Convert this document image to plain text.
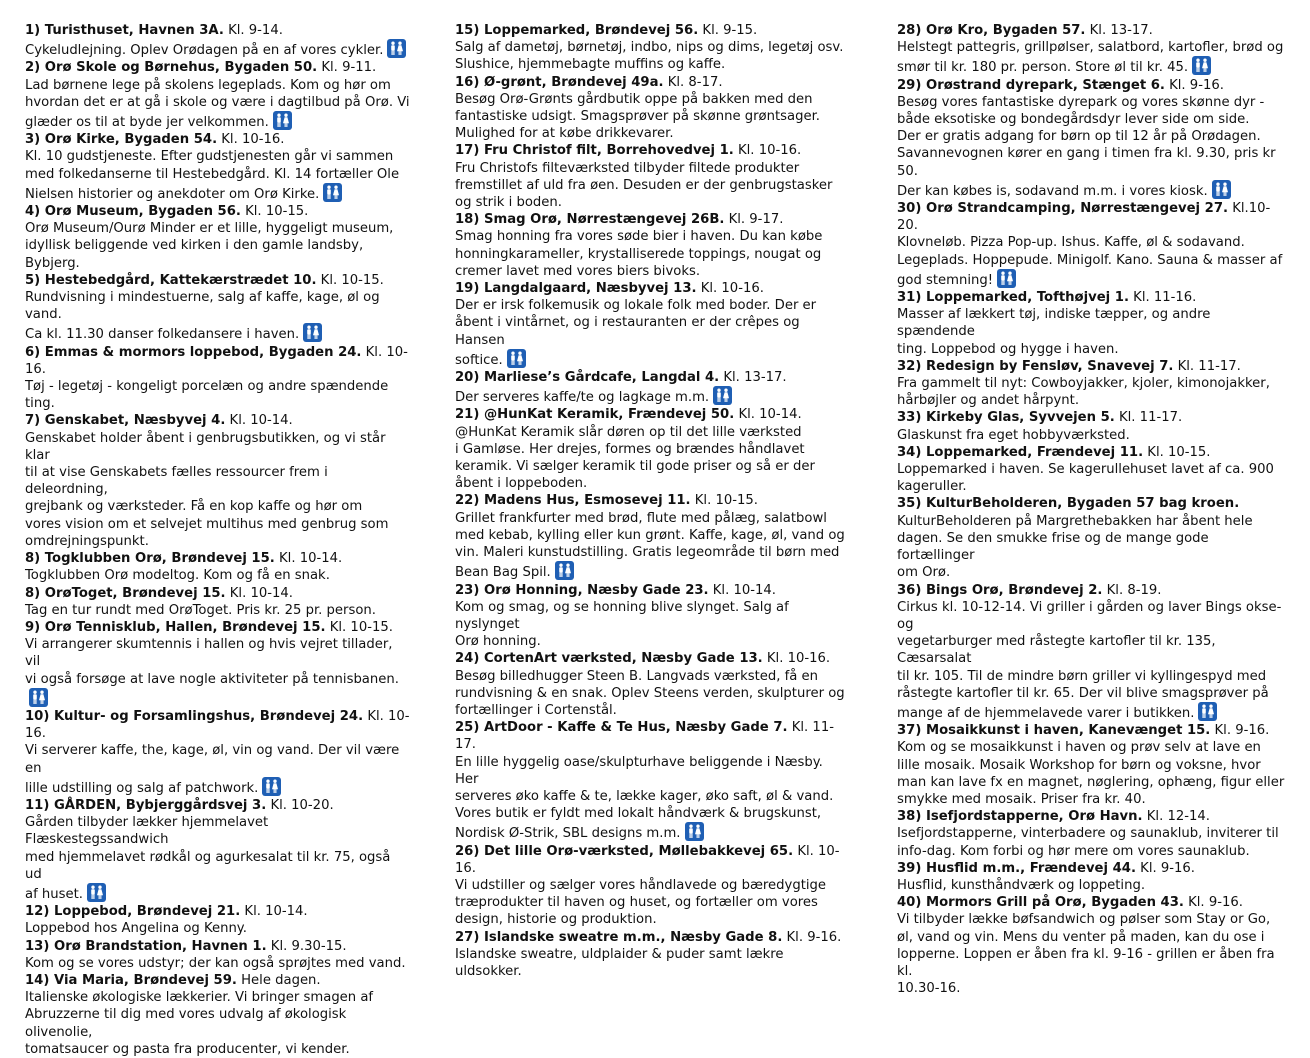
1) Turisthuset, Havnen 3A. Kl. 9-14.

Cykeludlejning. Oplev Orødagen på en af vores cykler.

2) Orø Skole og Børnehus, Bygaden 50. Kl. 9-11.

Lad børnene lege på skolens legeplads. Kom og hør om
hvordan det er at gå i skole og være i dagtilbud på Orø. Vi
glæder os til at byde jer velkommen.

3) Orø Kirke, Bygaden 54. Kl. 10-16.

Kl. 10 gudstjeneste. Efter gudstjenesten går vi sammen
med folkedanserne til Hestebedgård. Kl. 14 fortæller Ole
Nielsen historier og anekdoter om Orø Kirke.

4) Orø Museum, Bygaden 56. Kl. 10-15.

Orø Museum/Ourø Minder er et lille, hyggeligt museum,
idyllisk beliggende ved kirken i den gamle landsby,
Bybjerg.

5) Hestebedgård, Kattekærstrædet 10. Kl. 10-15.

Rundvisning i mindestuerne, salg af kaffe, kage, øl og vand.
Ca kl. 11.30 danser folkedansere i haven.

6) Emmas & mormors loppebod, Bygaden 24. Kl. 10-16.

Tøj - legetøj - kongeligt porcelæn og andre spændende
ting.

7) Genskabet, Næsbyvej 4. Kl. 10-14.

Genskabet holder åbent i genbrugsbutikken, og vi står klar
til at vise Genskabets fælles ressourcer frem i deleordning,
grejbank og værksteder. Få en kop kaffe og hør om
vores vision om et selvejet multihus med genbrug som
omdrejningspunkt.

8) Togklubben Orø, Brøndevej 15. Kl. 10-14.

Togklubben Orø modeltog. Kom og få en snak.

8) OrøToget, Brøndevej 15. Kl. 10-14.

Tag en tur rundt med OrøToget. Pris kr. 25 pr. person.

9) Orø Tennisklub, Hallen, Brøndevej 15. Kl. 10-15.

Vi arrangerer skumtennis i hallen og hvis vejret tillader, vil
vi også forsøge at lave nogle aktiviteter på tennisbanen.

10) Kultur- og Forsamlingshus, Brøndevej 24. Kl. 10-16.

Vi serverer kaffe, the, kage, øl, vin og vand. Der vil være en
lille udstilling og salg af patchwork.

11) GÅRDEN, Bybjerggårdsvej 3. Kl. 10-20.

Gården tilbyder lækker hjemmelavet Flæskestegssandwich
med hjemmelavet rødkål og agurkesalat til kr. 75, også ud
af huset.

12) Loppebod, Brøndevej 21. Kl. 10-14.

Loppebod hos Angelina og Kenny.

13) Orø Brandstation, Havnen 1. Kl. 9.30-15.

Kom og se vores udstyr; der kan også sprøjtes med vand.

14) Via Maria, Brøndevej 59. Hele dagen.

Italienske økologiske lækkerier. Vi bringer smagen af
Abruzzerne til dig med vores udvalg af økologisk olivenolie,
tomatsaucer og pasta fra producenter, vi kender.

15) Loppemarked, Brøndevej 56. Kl. 9-15.

Salg af dametøj, børnetøj, indbo, nips og dims, legetøj osv.
Slushice, hjemmebagte muffins og kaffe.

16) Ø-grønt, Brøndevej 49a. Kl. 8-17.

Besøg Orø-Grønts gårdbutik oppe på bakken med den
fantastiske udsigt. Smagsprøver på skønne grøntsager.
Mulighed for at købe drikkevarer.

17) Fru Christof filt, Borrehovedvej 1. Kl. 10-16.

Fru Christofs filteværksted tilbyder filtede produkter
fremstillet af uld fra øen. Desuden er der genbrugstasker
og strik i boden.

18) Smag Orø, Nørrestængevej 26B. Kl. 9-17.

Smag honning fra vores søde bier i haven. Du kan købe
honningkarameller, krystalliserede toppings, nougat og
cremer lavet med vores biers bivoks.

19) Langdalgaard, Næsbyvej 13. Kl. 10-16.

Der er irsk folkemusik og lokale folk med boder. Der er
åbent i vintårnet, og i restauranten er der crêpes og Hansen
softice.

20) Marliese’s Gårdcafe, Langdal 4. Kl. 13-17.

Der serveres kaffe/te og lagkage m.m.

21) @HunKat Keramik, Frændevej 50. Kl. 10-14.

@HunKat Keramik slår døren op til det lille værksted
i Gamløse. Her drejes, formes og brændes håndlavet
keramik. Vi sælger keramik til gode priser og så er der
åbent i loppeboden.

22) Madens Hus, Esmosevej 11. Kl. 10-15.

Grillet frankfurter med brød, flute med pålæg, salatbowl
med kebab, kylling eller kun grønt. Kaffe, kage, øl, vand og
vin. Maleri kunstudstilling. Gratis legeområde til børn med
Bean Bag Spil.

23) Orø Honning, Næsby Gade 23. Kl. 10-14.

Kom og smag, og se honning blive slynget. Salg af nyslynget
Orø honning.

24) CortenArt værksted, Næsby Gade 13. Kl. 10-16.

Besøg billedhugger Steen B. Langvads værksted, få en
rundvisning & en snak. Oplev Steens verden, skulpturer og
fortællinger i Cortenstål.

25) ArtDoor - Kaffe & Te Hus, Næsby Gade 7. Kl. 11-17.

En lille hyggelig oase/skulpturhave beliggende i Næsby. Her
serveres øko kaffe & te, lække kager, øko saft, øl & vand.
Vores butik er fyldt med lokalt håndværk & brugskunst,
Nordisk Ø-Strik, SBL designs m.m.

26) Det lille Orø-værksted, Møllebakkevej 65. Kl. 10-16.

Vi udstiller og sælger vores håndlavede og bæredygtige
træprodukter til haven og huset, og fortæller om vores
design, historie og produktion.

27) Islandske sweatre m.m., Næsby Gade 8. Kl. 9-16.

Islandske sweatre, uldplaider & puder samt lækre
uldsokker.

28) Orø Kro, Bygaden 57. Kl. 13-17.

Helstegt pattegris, grillpølser, salatbord, kartofler, brød og
smør til kr. 180 pr. person. Store øl til kr. 45.

29) Orøstrand dyrepark, Stænget 6. Kl. 9-16.

Besøg vores fantastiske dyrepark og vores skønne dyr -
både eksotiske og bondegårdsdyr lever side om side.
Der er gratis adgang for børn op til 12 år på Orødagen.
Savannevognen kører en gang i timen fra kl. 9.30, pris kr 50.
Der kan købes is, sodavand m.m. i vores kiosk.

30) Orø Strandcamping, Nørrestængevej 27. Kl.10-20.

Klovneløb. Pizza Pop-up. Ishus. Kaffe, øl & sodavand.
Legeplads. Hoppepude. Minigolf. Kano. Sauna & masser af
god stemning!

31) Loppemarked, Tofthøjvej 1. Kl. 11-16.

Masser af lækkert tøj, indiske tæpper, og andre spændende
ting. Loppebod og hygge i haven.

32) Redesign by Fensløv, Snavevej 7. Kl. 11-17.

Fra gammelt til nyt: Cowboyjakker, kjoler, kimonojakker,
hårbøjler og andet hårpynt.

33) Kirkeby Glas, Syvvejen 5. Kl. 11-17.

Glaskunst fra eget hobbyværksted.

34) Loppemarked, Frændevej 11. Kl. 10-15.

Loppemarked i haven. Se kagerullehuset lavet af ca. 900
kageruller.

35) KulturBeholderen, Bygaden 57 bag kroen.

KulturBeholderen på Margrethebakken har åbent hele
dagen. Se den smukke frise og de mange gode fortællinger
om Orø.

36) Bings Orø, Brøndevej 2. Kl. 8-19.

Cirkus kl. 10-12-14. Vi griller i gården og laver Bings okse- og
vegetarburger med råstegte kartofler til kr. 135, Cæsarsalat
til kr. 105. Til de mindre børn griller vi kyllingespyd med
råstegte kartofler til kr. 65. Der vil blive smagsprøver på
mange af de hjemmelavede varer i butikken.

37) Mosaikkunst i haven, Kanevænget 15. Kl. 9-16.

Kom og se mosaikkunst i haven og prøv selv at lave en
lille mosaik. Mosaik Workshop for børn og voksne, hvor
man kan lave fx en magnet, nøglering, ophæng, figur eller
smykke med mosaik. Priser fra kr. 40.

38) Isefjordstapperne, Orø Havn. Kl. 12-14.

Isefjordstapperne, vinterbadere og saunaklub, inviterer til
info-dag. Kom forbi og hør mere om vores saunaklub.

39) Husflid m.m., Frændevej 44. Kl. 9-16.

Husflid, kunsthåndværk og loppeting.

40) Mormors Grill på Orø, Bygaden 43. Kl. 9-16.

Vi tilbyder lække bøfsandwich og pølser som Stay or Go,
øl, vand og vin. Mens du venter på maden, kan du ose i
lopperne. Loppen er åben fra kl. 9-16 - grillen er åben fra kl.
10.30-16.
